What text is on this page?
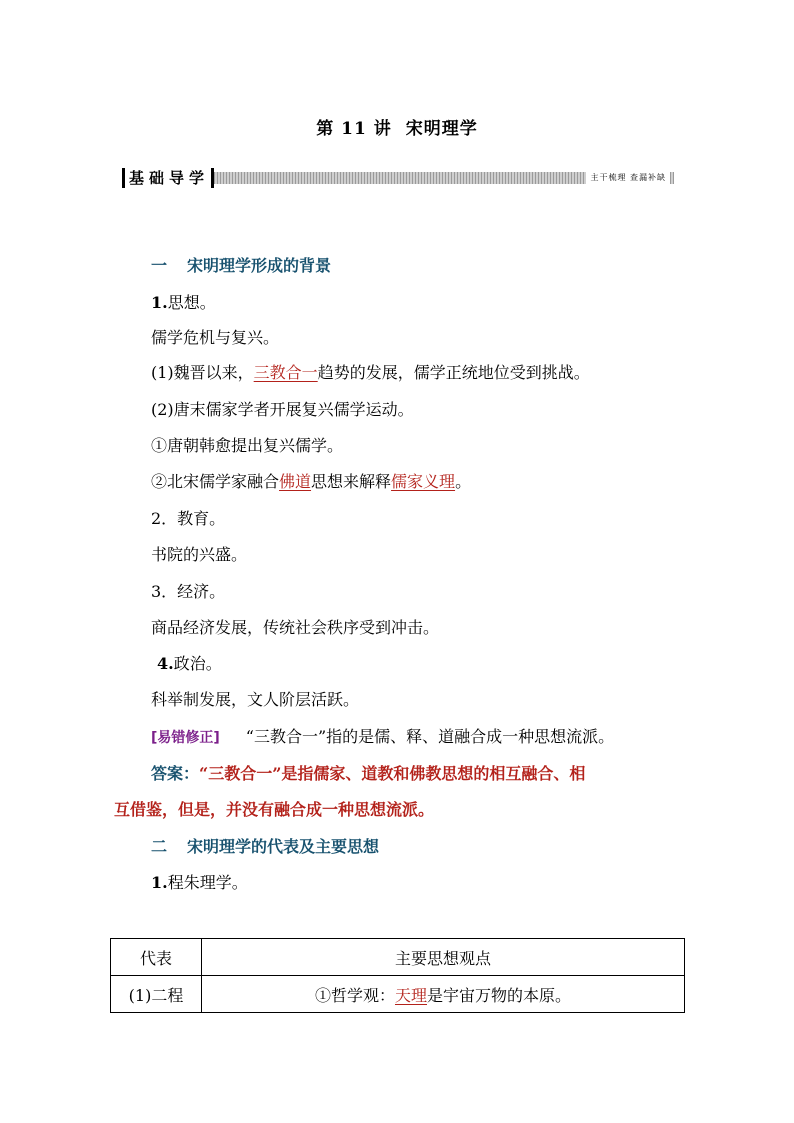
第 11 讲 宋明理学
基础导学	主干梳理 查漏补缺
一 宋明理学形成的背景
1.思想。
儒学危机与复兴。
(1)魏晋以来，三教合一趋势的发展，儒学正统地位受到挑战。
(2)唐末儒家学者开展复兴儒学运动。
①唐朝韩愈提出复兴儒学。
②北宋儒学家融合佛道思想来解释儒家义理。
2．教育。
书院的兴盛。
3．经济。
商品经济发展，传统社会秩序受到冲击。
4.政治。
科举制发展，文人阶层活跃。
[易错修正] “三教合一”指的是儒、释、道融合成一种思想流派。
答案：“三教合一”是指儒家、道教和佛教思想的相互融合、相
互借鉴，但是，并没有融合成一种思想流派。
二 宋明理学的代表及主要思想
1.程朱理学。
代表	主要思想观点
(1)二程	①哲学观：天理是宇宙万物的本原。
